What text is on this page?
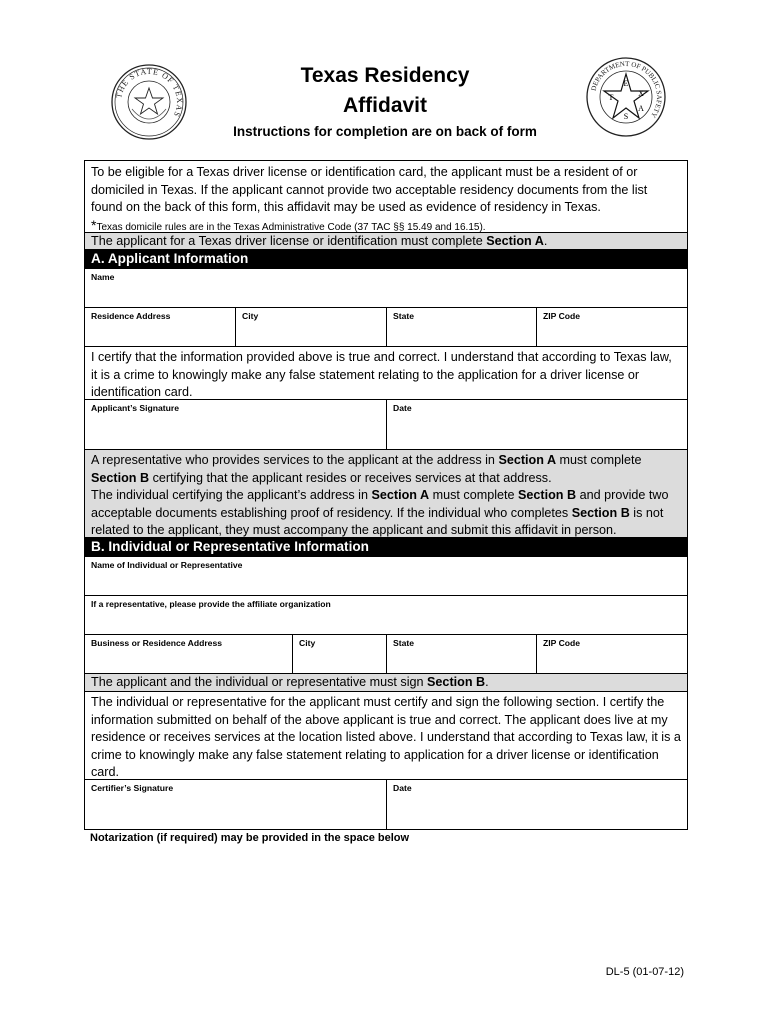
THE STATE OF TEXAS
DEPARTMENT OF PUBLIC SAFETY
E
X
T
A
S
Texas Residency
Affidavit
Instructions for completion are on back of form
To be eligible for a Texas driver license or identification card, the applicant must be a resident of or domiciled in Texas. If the applicant cannot provide two acceptable residency documents from the list found on the back of this form, this affidavit may be used as evidence of residency in Texas.
*Texas domicile rules are in the Texas Administrative Code (37 TAC §§ 15.49 and 16.15).
The applicant for a Texas driver license or identification must complete Section A.
A. Applicant Information
Name
Residence Address	City	State	ZIP Code
I certify that the information provided above is true and correct. I understand that according to Texas law, it is a crime to knowingly make any false statement relating to the application for a driver license or identification card.
Applicant’s Signature	Date
A representative who provides services to the applicant at the address in Section A must complete Section B certifying that the applicant resides or receives services at that address.
The individual certifying the applicant’s address in Section A must complete Section B and provide two acceptable documents establishing proof of residency. If the individual who completes Section B is not related to the applicant, they must accompany the applicant and submit this affidavit in person.
B. Individual or Representative Information
Name of Individual or Representative
If a representative, please provide the affiliate organization
Business or Residence Address	City	State	ZIP Code
The applicant and the individual or representative must sign Section B.
The individual or representative for the applicant must certify and sign the following section. I certify the information submitted on behalf of the above applicant is true and correct. The applicant does live at my residence or receives services at the location listed above. I understand that according to Texas law, it is a crime to knowingly make any false statement relating to application for a driver license or identification card.
Certifier’s Signature	Date
Notarization (if required) may be provided in the space below
DL-5 (01-07-12)
